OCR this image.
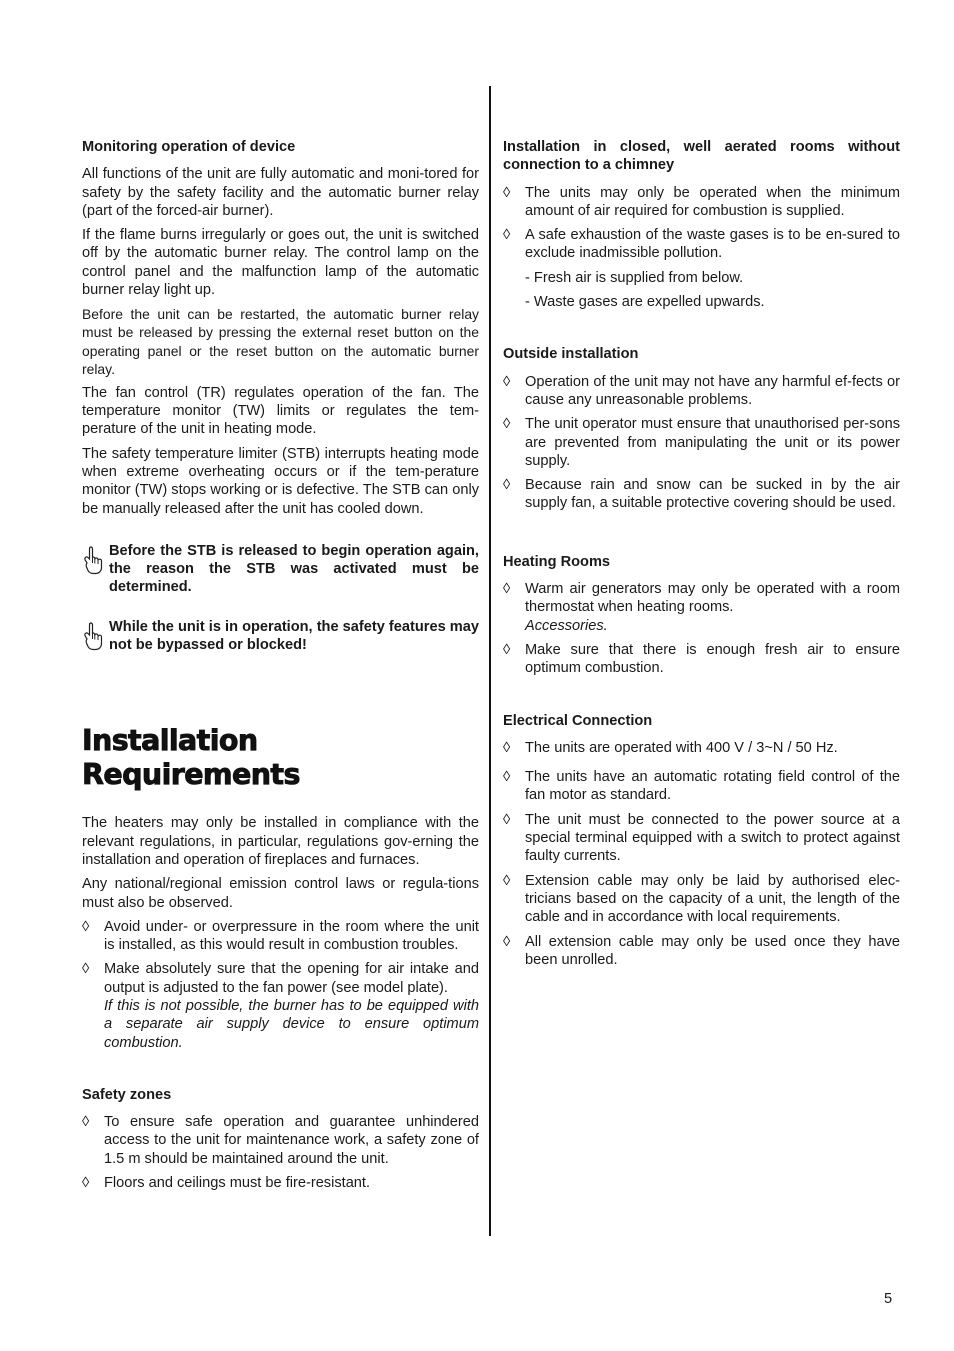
Monitoring operation of device

All functions of the unit are fully automatic and moni-tored for safety by the safety facility and the automatic burner relay (part of the forced-air burner).

If the flame burns irregularly or goes out, the unit is switched off by the automatic burner relay. The control lamp on the control panel and the malfunction lamp of the automatic burner relay light up.

Before the unit can be restarted, the automatic burner relay must be released by pressing the external reset button on the operating panel or the reset button on the automatic burner relay.

The fan control (TR) regulates operation of the fan. The temperature monitor (TW) limits or regulates the tem-perature of the unit in heating mode.

The safety temperature limiter (STB) interrupts heating mode when extreme overheating occurs or if the tem-perature monitor (TW) stops working or is defective. The STB can only be manually released after the unit has cooled down.

Before the STB is released to begin operation again, the reason the STB was activated must be determined.
While the unit is in operation, the safety features may not be bypassed or blocked!
Installation Requirements

The heaters may only be installed in compliance with the relevant regulations, in particular, regulations gov-erning the installation and operation of fireplaces and furnaces.

Any national/regional emission control laws or regula-tions must also be observed.

◊ Avoid under- or overpressure in the room where the unit is installed, as this would result in combustion troubles.
◊ Make absolutely sure that the opening for air intake and output is adjusted to the fan power (see model plate).
If this is not possible, the burner has to be equipped with a separate air supply device to ensure optimum combustion.
Safety zones
◊ To ensure safe operation and guarantee unhindered access to the unit for maintenance work, a safety zone of 1.5 m should be maintained around the unit.
◊ Floors and ceilings must be fire-resistant.
Installation in closed, well aerated rooms without connection to a chimney
◊ The units may only be operated when the minimum amount of air required for combustion is supplied.
◊ A safe exhaustion of the waste gases is to be en-sured to exclude inadmissible pollution.
- Fresh air is supplied from below.
- Waste gases are expelled upwards.
Outside installation
◊ Operation of the unit may not have any harmful ef-fects or cause any unreasonable problems.
◊ The unit operator must ensure that unauthorised per-sons are prevented from manipulating the unit or its power supply.
◊ Because rain and snow can be sucked in by the air supply fan, a suitable protective covering should be used.
Heating Rooms
◊ Warm air generators may only be operated with a room thermostat when heating rooms.
Accessories.
◊ Make sure that there is enough fresh air to ensure optimum combustion.
Electrical Connection
◊ The units are operated with 400 V / 3~N / 50 Hz.
◊ The units have an automatic rotating field control of the fan motor as standard.
◊ The unit must be connected to the power source at a special terminal equipped with a switch to protect against faulty currents.
◊ Extension cable may only be laid by authorised elec-tricians based on the capacity of a unit, the length of the cable and in accordance with local requirements.
◊ All extension cable may only be used once they have been unrolled.
5
